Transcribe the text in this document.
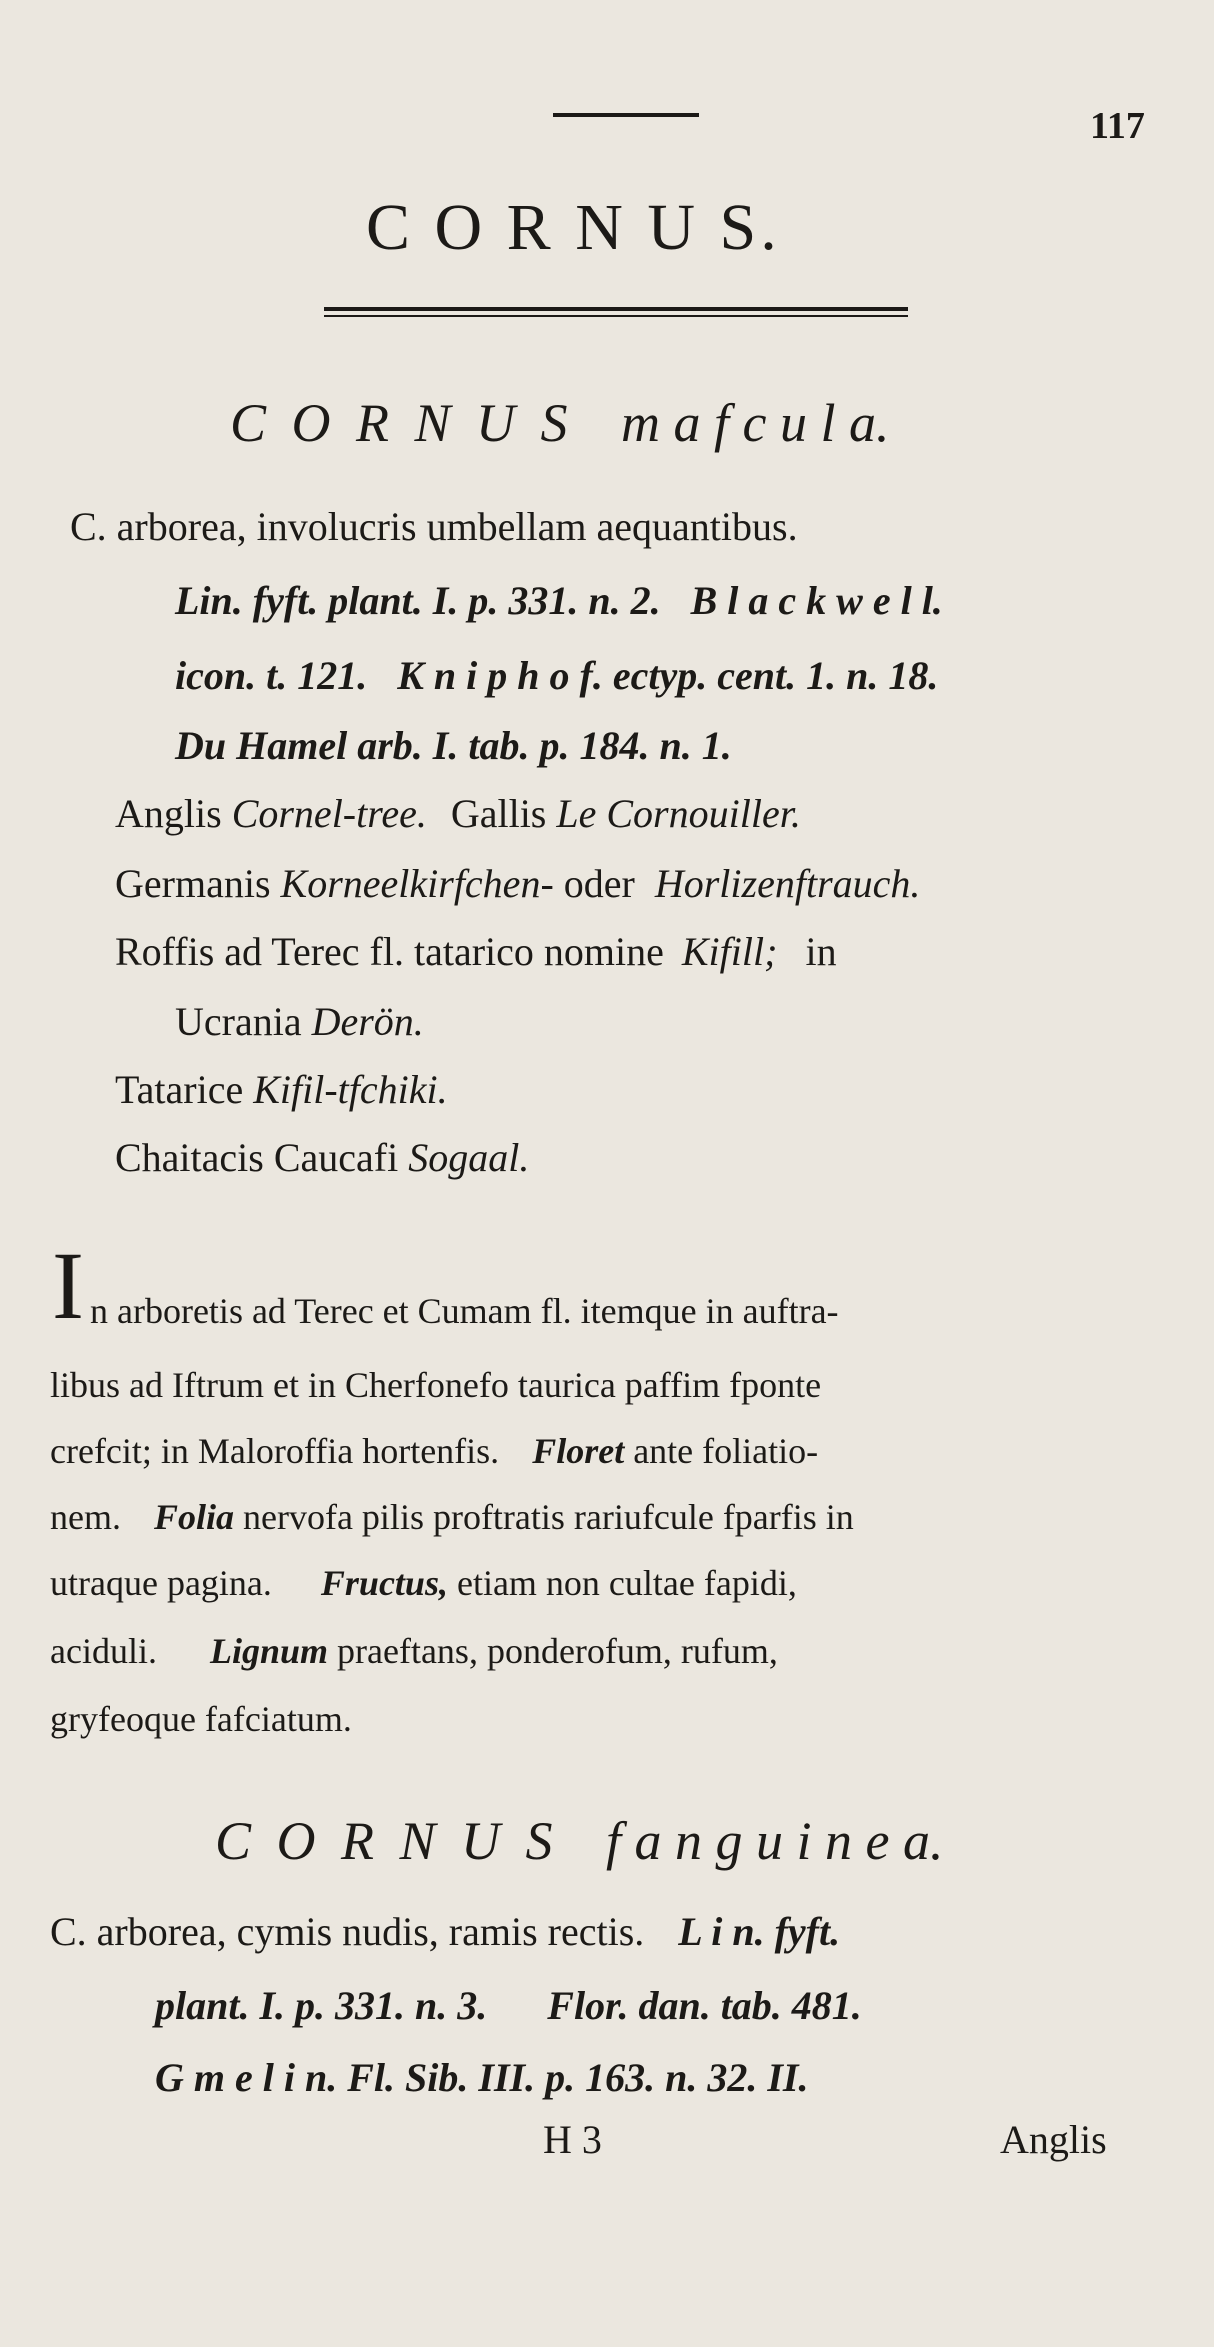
117
C O R N U S.
C O R N U S m a f c u l a.
C. arborea, involucris umbellam aequantibus.
Lin. fyft. plant. I. p. 331. n. 2. B l a c k w e l l.
icon. t. 121. K n i p h o f. ectyp. cent. 1. n. 18.
Du Hamel arb. I. tab. p. 184. n. 1.
Anglis Cornel-tree. Gallis Le Cornouiller.
Germanis Korneelkirfchen- oder Horlizenftrauch.
Roffis ad Terec fl. tatarico nomine Kifill; in
Ucrania Derön.
Tatarice Kifil-tfchiki.
Chaitacis Caucafi Sogaal.
I n arboretis ad Terec et Cumam fl. itemque in auftra-
libus ad Iftrum et in Cherfonefo taurica paffim fponte
crefcit; in Maloroffia hortenfis. Floret ante foliatio-
nem. Folia nervofa pilis proftratis rariufcule fparfis in
utraque pagina. Fructus, etiam non cultae fapidi,
aciduli. Lignum praeftans, ponderofum, rufum,
gryfeoque fafciatum.
C O R N U S f a n g u i n e a.
C. arborea, cymis nudis, ramis rectis. L i n. fyft.
plant. I. p. 331. n. 3. Flor. dan. tab. 481.
G m e l i n. Fl. Sib. III. p. 163. n. 32. II.
H 3	Anglis
